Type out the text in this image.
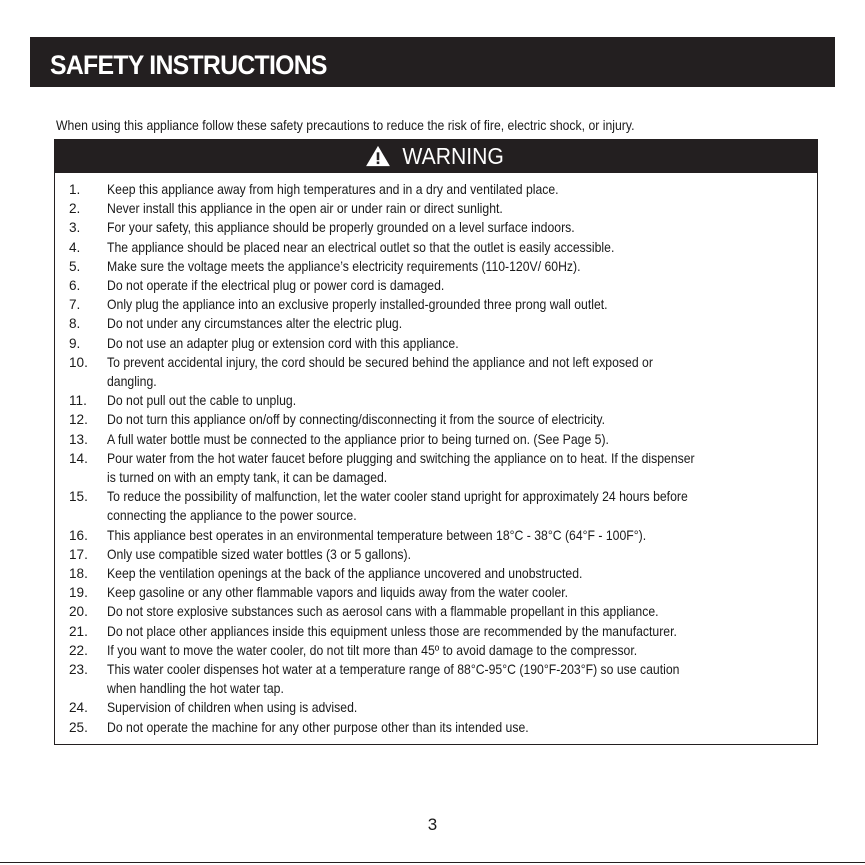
SAFETY INSTRUCTIONS
When using this appliance follow these safety precautions to reduce the risk of fire, electric shock, or injury.
WARNING
1. Keep this appliance away from high temperatures and in a dry and ventilated place.
2. Never install this appliance in the open air or under rain or direct sunlight.
3. For your safety, this appliance should be properly grounded on a level surface indoors.
4. The appliance should be placed near an electrical outlet so that the outlet is easily accessible.
5. Make sure the voltage meets the appliance’s electricity requirements (110-120V/ 60Hz).
6. Do not operate if the electrical plug or power cord is damaged.
7. Only plug the appliance into an exclusive properly installed-grounded three prong wall outlet.
8. Do not under any circumstances alter the electric plug.
9. Do not use an adapter plug or extension cord with this appliance.
10. To prevent accidental injury, the cord should be secured behind the appliance and not left exposed or
dangling.
11. Do not pull out the cable to unplug.
12. Do not turn this appliance on/off by connecting/disconnecting it from the source of electricity.
13. A full water bottle must be connected to the appliance prior to being turned on. (See Page 5).
14. Pour water from the hot water faucet before plugging and switching the appliance on to heat. If the dispenser
is turned on with an empty tank, it can be damaged.
15. To reduce the possibility of malfunction, let the water cooler stand upright for approximately 24 hours before
connecting the appliance to the power source.
16. This appliance best operates in an environmental temperature between 18°C - 38°C (64°F - 100F°).
17. Only use compatible sized water bottles (3 or 5 gallons).
18. Keep the ventilation openings at the back of the appliance uncovered and unobstructed.
19. Keep gasoline or any other flammable vapors and liquids away from the water cooler.
20. Do not store explosive substances such as aerosol cans with a flammable propellant in this appliance.
21. Do not place other appliances inside this equipment unless those are recommended by the manufacturer.
22. If you want to move the water cooler, do not tilt more than 45º to avoid damage to the compressor.
23. This water cooler dispenses hot water at a temperature range of 88°C-95°C (190°F-203°F) so use caution
when handling the hot water tap.
24. Supervision of children when using is advised.
25. Do not operate the machine for any other purpose other than its intended use.
3
